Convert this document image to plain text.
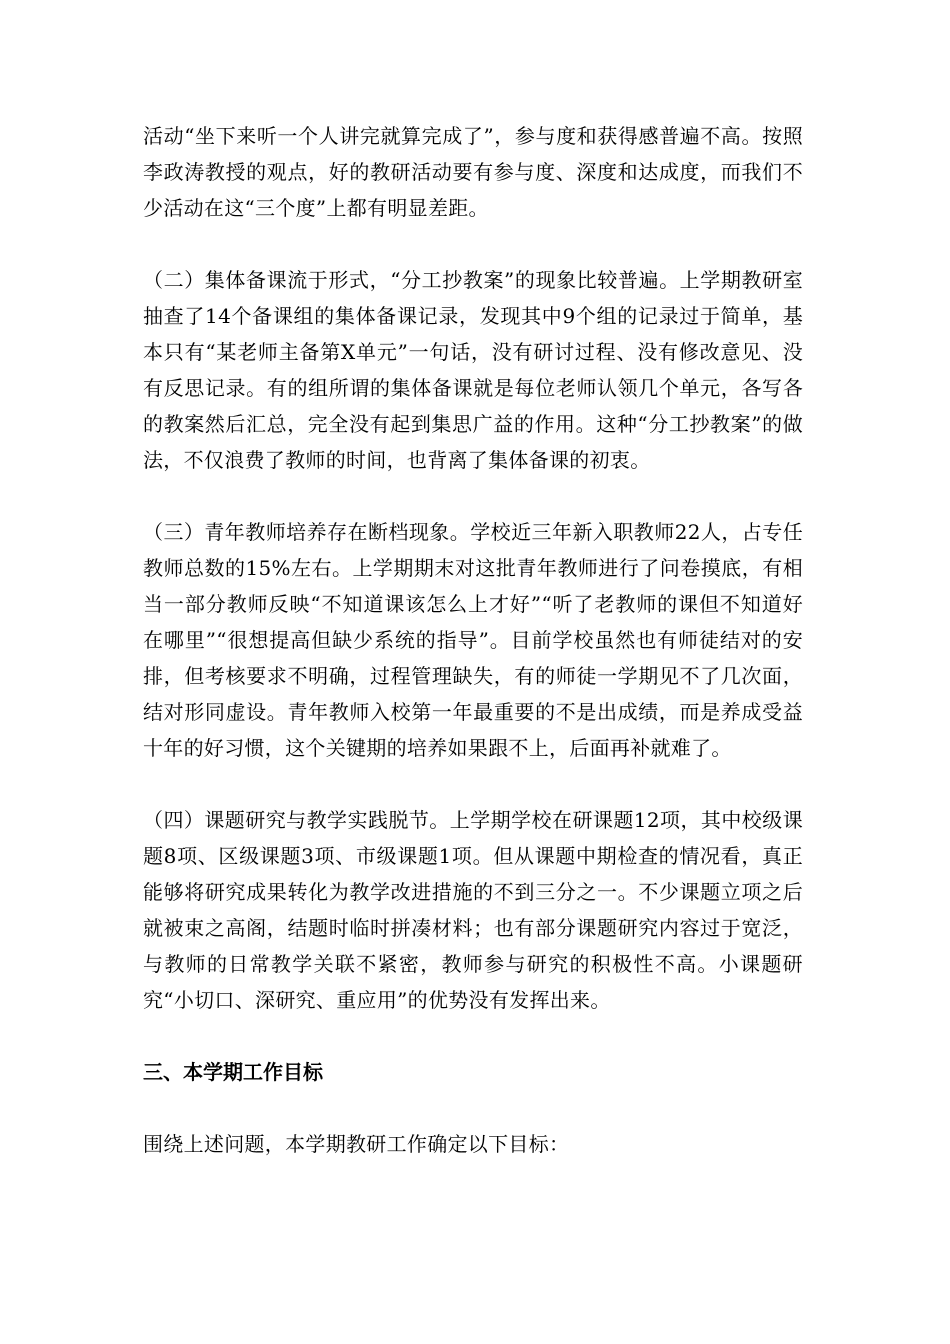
活动“坐下来听一个人讲完就算完成了”，参与度和获得感普遍不高。按照李政涛教授的观点，好的教研活动要有参与度、深度和达成度，而我们不少活动在这“三个度”上都有明显差距。

（二）集体备课流于形式，“分工抄教案”的现象比较普遍。上学期教研室抽查了14个备课组的集体备课记录，发现其中9个组的记录过于简单，基本只有“某老师主备第X单元”一句话，没有研讨过程、没有修改意见、没有反思记录。有的组所谓的集体备课就是每位老师认领几个单元，各写各的教案然后汇总，完全没有起到集思广益的作用。这种“分工抄教案”的做法，不仅浪费了教师的时间，也背离了集体备课的初衷。

（三）青年教师培养存在断档现象。学校近三年新入职教师22人，占专任教师总数的15%左右。上学期期末对这批青年教师进行了问卷摸底，有相当一部分教师反映“不知道课该怎么上才好”“听了老教师的课但不知道好在哪里”“很想提高但缺少系统的指导”。目前学校虽然也有师徒结对的安排，但考核要求不明确，过程管理缺失，有的师徒一学期见不了几次面，结对形同虚设。青年教师入校第一年最重要的不是出成绩，而是养成受益十年的好习惯，这个关键期的培养如果跟不上，后面再补就难了。

（四）课题研究与教学实践脱节。上学期学校在研课题12项，其中校级课题8项、区级课题3项、市级课题1项。但从课题中期检查的情况看，真正能够将研究成果转化为教学改进措施的不到三分之一。不少课题立项之后就被束之高阁，结题时临时拼凑材料；也有部分课题研究内容过于宽泛，与教师的日常教学关联不紧密，教师参与研究的积极性不高。小课题研究“小切口、深研究、重应用”的优势没有发挥出来。

三、本学期工作目标

围绕上述问题，本学期教研工作确定以下目标：
